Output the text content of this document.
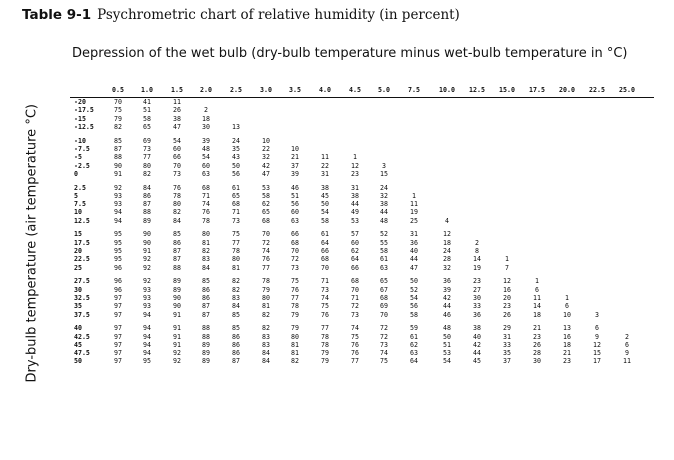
Table 9-1 Psychrometric chart of relative humidity (in percent)
Depression of the wet bulb (dry-bulb temperature minus wet-bulb temperature in °C)
Dry-bulb temperature (air temperature °C)
0.5	1.0	1.5	2.0	2.5	3.0	3.5	4.0	4.5	5.0	7.5	10.0 12.5 15.0 17.5 20.0 22.5 25.0
-20	70	41	11
-17.5	75	51	26	2
-15	79	58	38	18
-12.5	82	65	47	30	13
-10	85	69	54	39	24	10
-7.5	87	73	60	48	35	22	10
-5	88	77	66	54	43	32	21	11	1
-2.5	90	80	70	60	50	42	37	22	12	3
0	91	82	73	63	56	47	39	31	23	15
2.5	92	84	76	68	61	53	46	38	31	24
5	93	86	78	71	65	58	51	45	38	32	1
7.5	93	87	80	74	68	62	56	50	44	38	11
10	94	88	82	76	71	65	60	54	49	44	19
12.5	94	89	84	78	73	68	63	58	53	48	25	4
15	95	90	85	80	75	70	66	61	57	52	31	12
17.5	95	90	86	81	77	72	68	64	60	55	36	18	2
20	95	91	87	82	78	74	70	66	62	58	40	24	8
22.5	95	92	87	83	80	76	72	68	64	61	44	28	14	1
25	96	92	88	84	81	77	73	70	66	63	47	32	19	7
27.5	96	92	89	85	82	78	75	71	68	65	50	36	23	12	1
30	96	93	89	86	82	79	76	73	70	67	52	39	27	16	6
32.5	97	93	90	86	83	80	77	74	71	68	54	42	30	20	11	1
35	97	93	90	87	84	81	78	75	72	69	56	44	33	23	14	6
37.5	97	94	91	87	85	82	79	76	73	70	58	46	36	26	18	10	3
40	97	94	91	88	85	82	79	77	74	72	59	48	38	29	21	13	6
42.5	97	94	91	88	86	83	80	78	75	72	61	50	40	31	23	16	9	2
45	97	94	91	89	86	83	81	78	76	73	62	51	42	33	26	18	12	6
47.5	97	94	92	89	86	84	81	79	76	74	63	53	44	35	28	21	15	9
50	97	95	92	89	87	84	82	79	77	75	64	54	45	37	30	23	17	11
